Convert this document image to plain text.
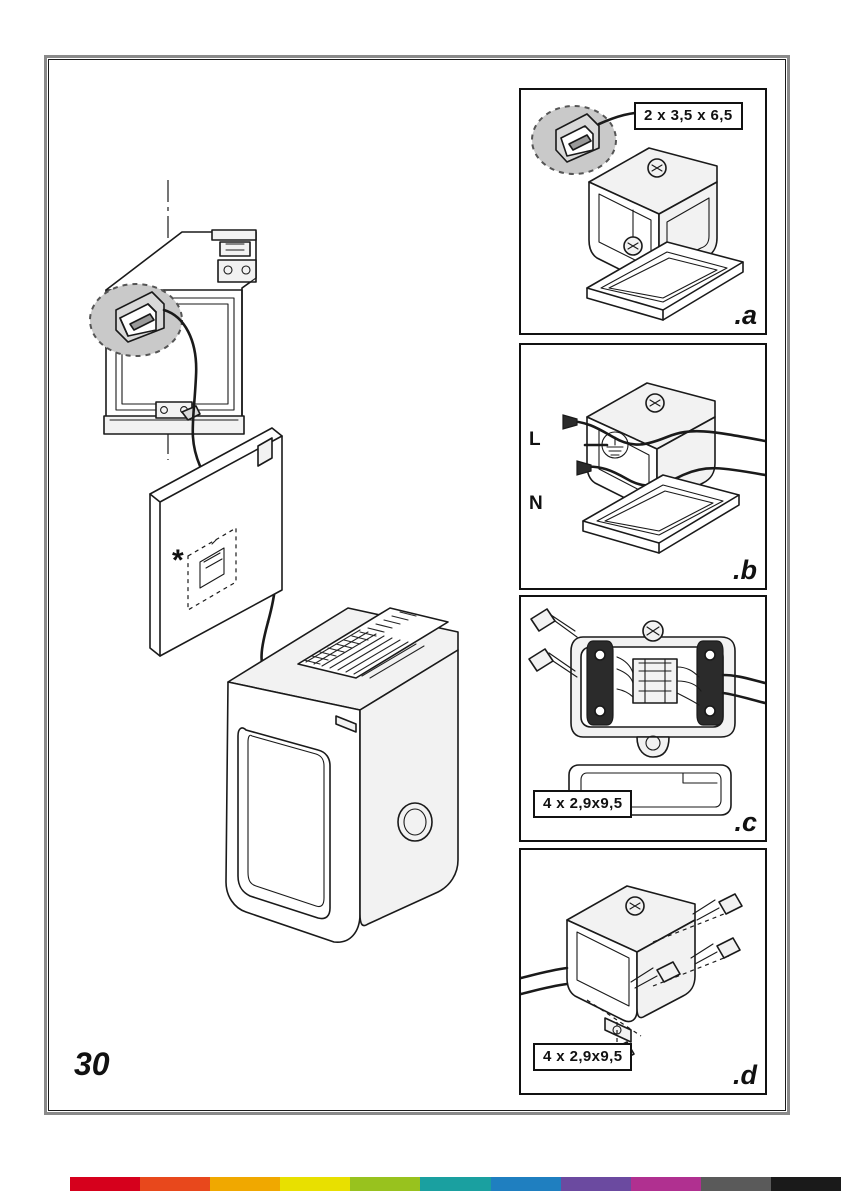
*
2 x 3,5 x 6,5
.a
L
N
.b
4 x 2,9x9,5
.c
4 x 2,9x9,5
.d
30
